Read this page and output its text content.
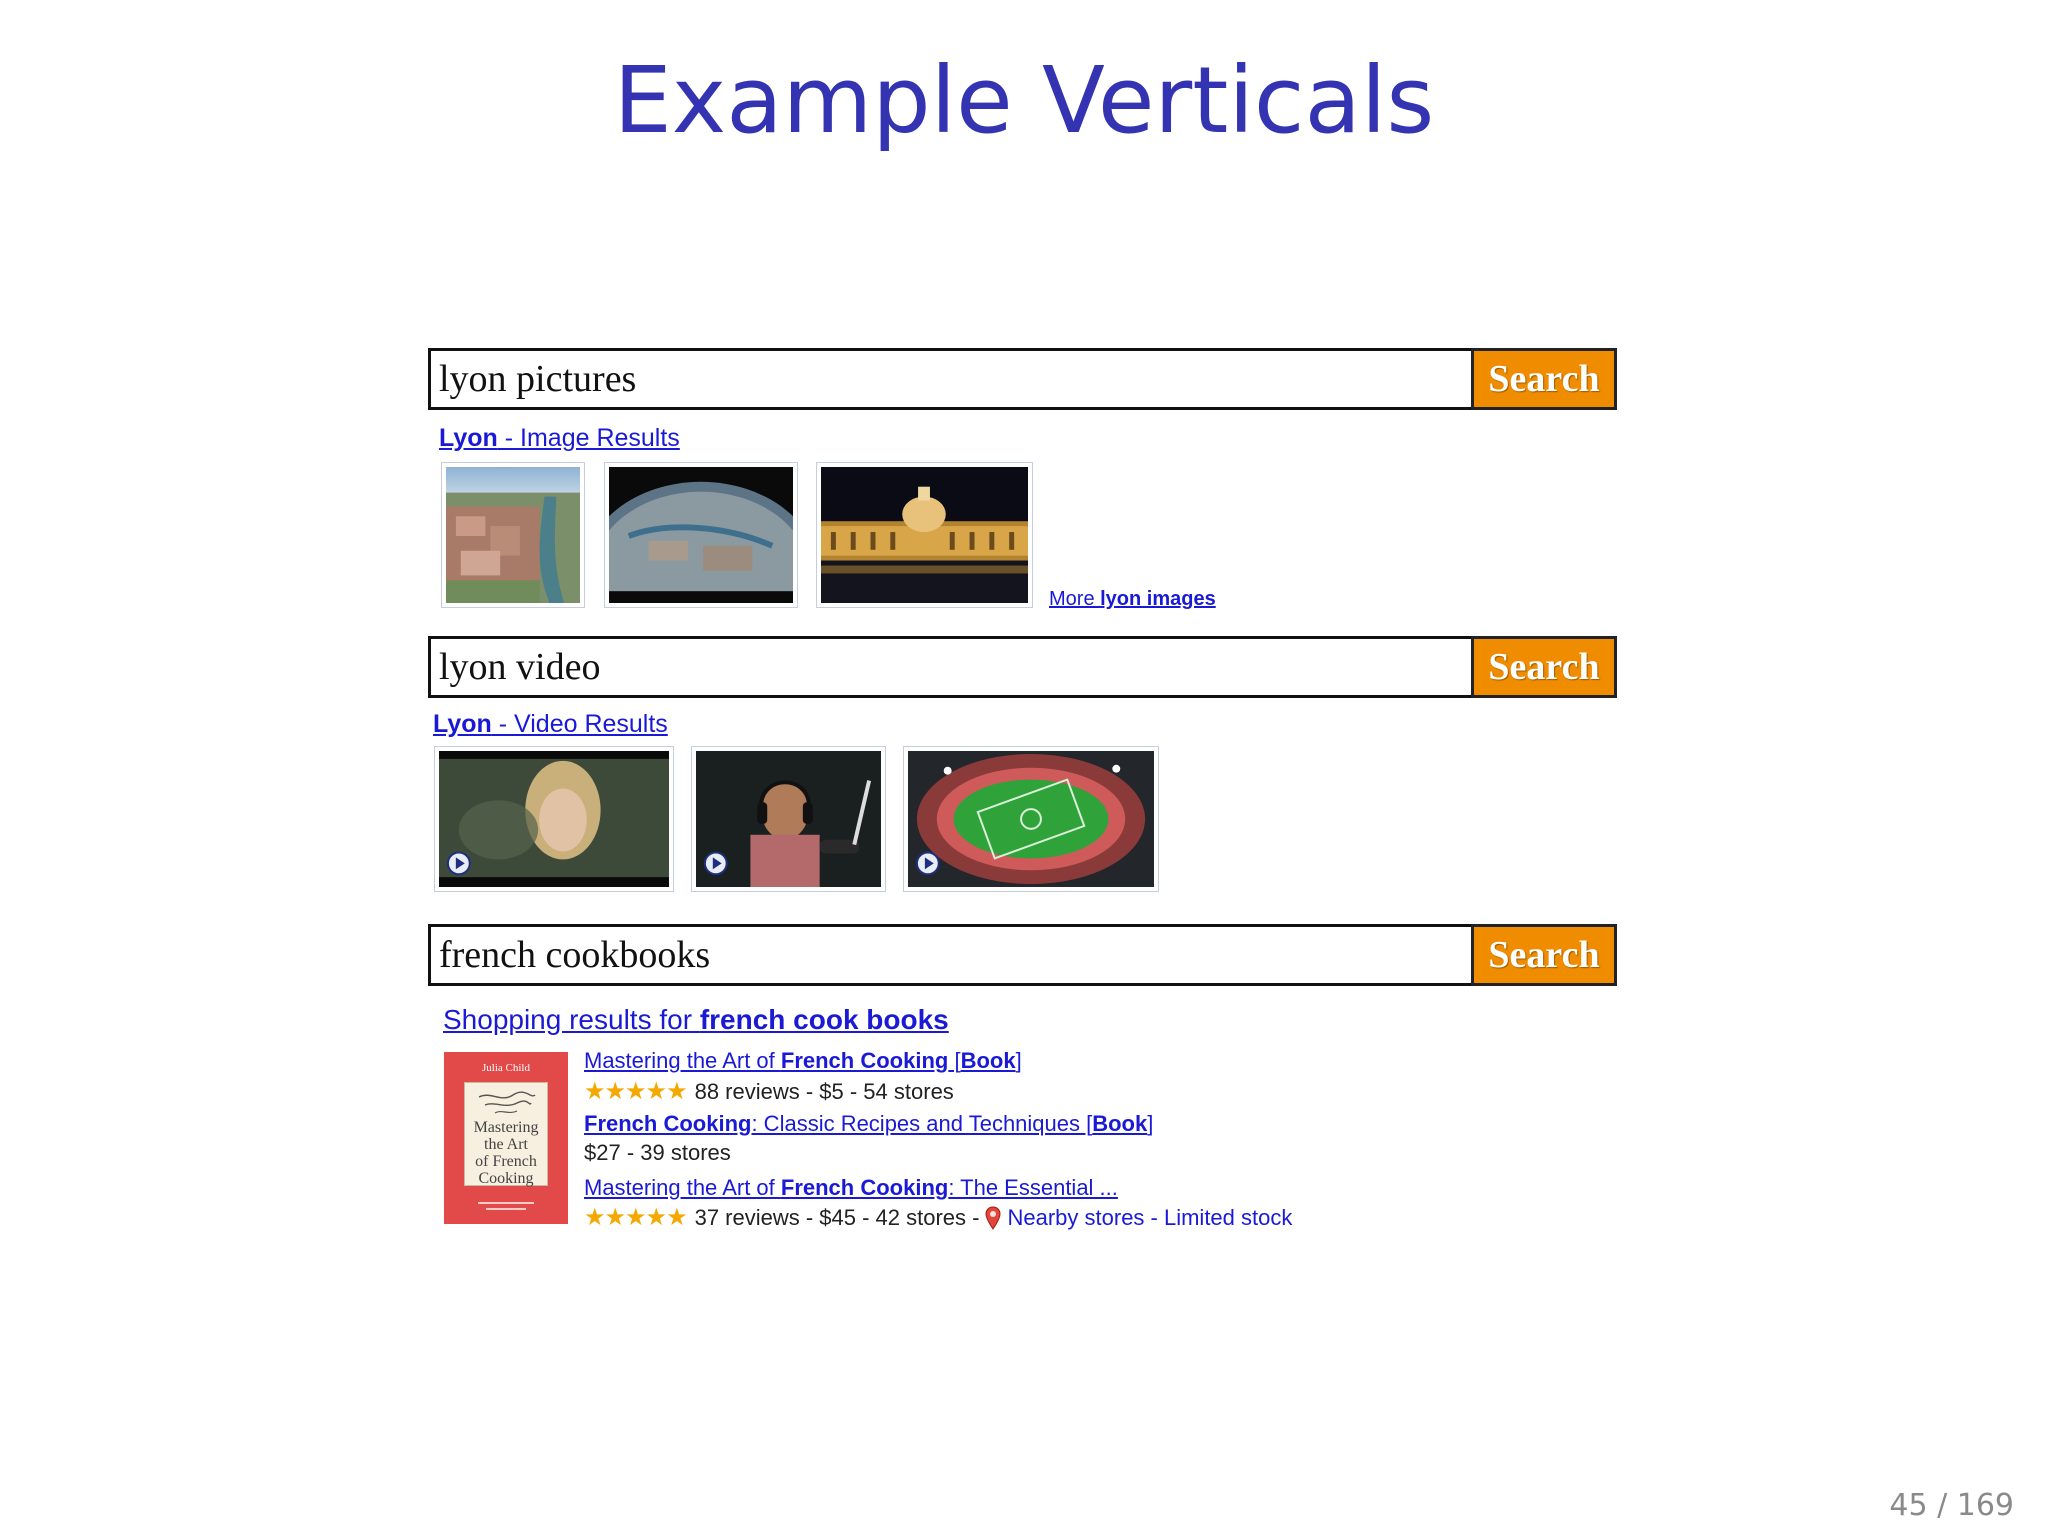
Example Verticals
lyon pictures	Search
Lyon - Image Results
More lyon images
lyon video	Search
Lyon - Video Results
french cookbooks	Search
Shopping results for french cook books
Julia Child
Mastering
the Art
of French
Cooking
Mastering the Art of French Cooking [Book]
★★★★★ 88 reviews - $5 - 54 stores
French Cooking: Classic Recipes and Techniques [Book]
$27 - 39 stores
Mastering the Art of French Cooking: The Essential ...
★★★★★ 37 reviews - $45 - 42 stores - Nearby stores - Limited stock
45 / 169
